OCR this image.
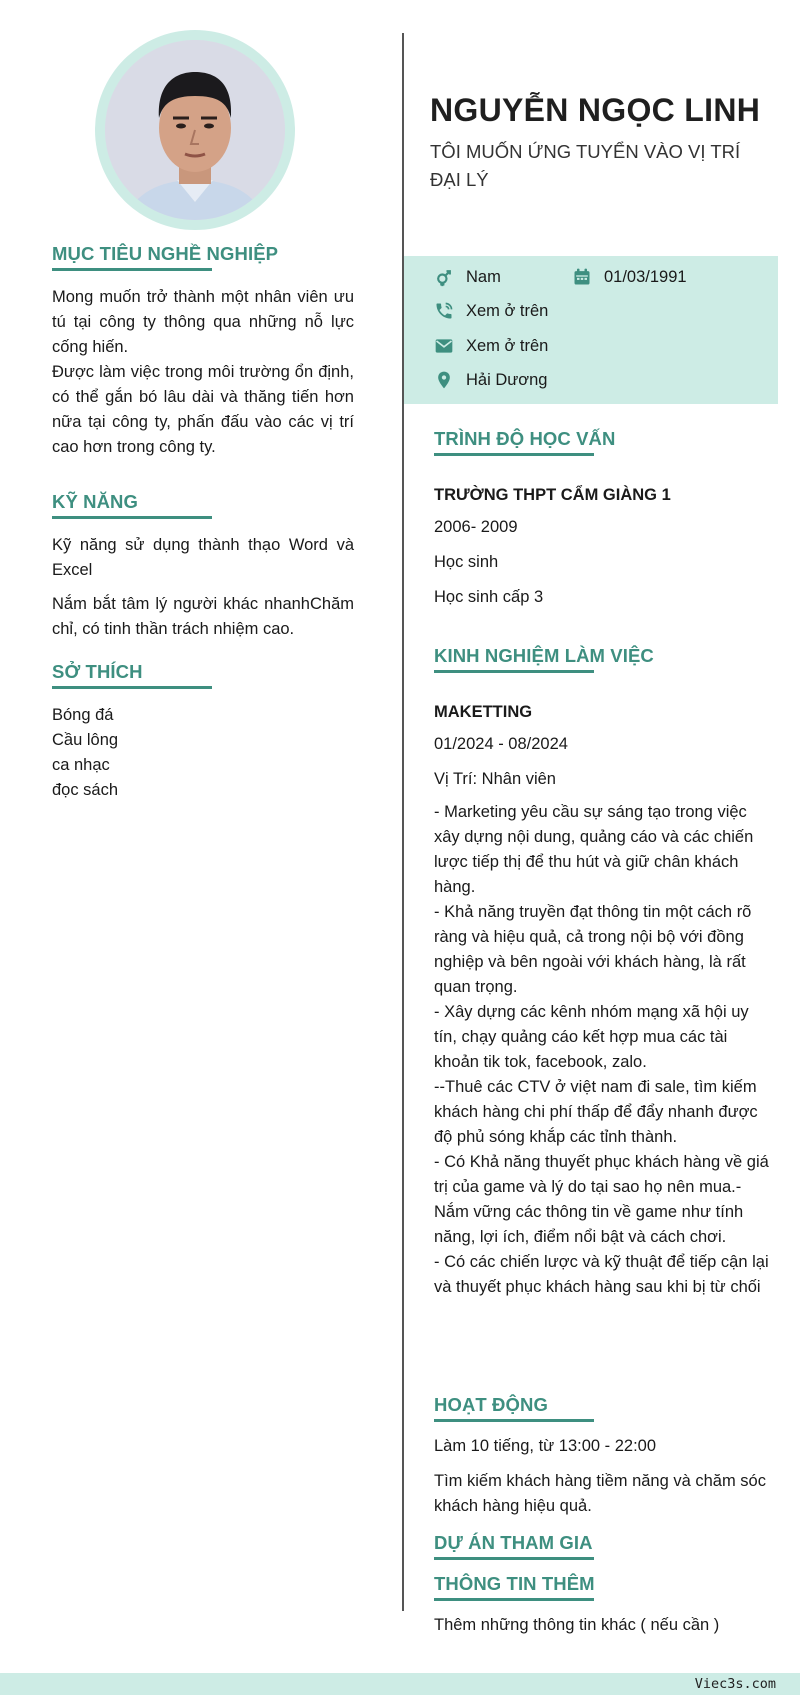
MỤC TIÊU NGHỀ NGHIỆP
Mong muốn trở thành một nhân viên ưu tú tại công ty thông qua những nỗ lực cống hiến.
Được làm việc trong môi trường ổn định, có thể gắn bó lâu dài và thăng tiến hơn nữa tại công ty, phấn đấu vào các vị trí cao hơn trong công ty.
KỸ NĂNG
Kỹ năng sử dụng thành thạo Word và Excel
Nắm bắt tâm lý người khác nhanhChăm chỉ, có tinh thần trách nhiệm cao.
SỞ THÍCH
Bóng đá
Cầu lông
ca nhạc
đọc sách
NGUYỄN NGỌC LINH
TÔI MUỐN ỨNG TUYỂN VÀO VỊ TRÍ ĐẠI LÝ
Nam	01/03/1991
Xem ở trên
Xem ở trên
Hải Dương
TRÌNH ĐỘ HỌC VẤN
TRƯỜNG THPT CẨM GIÀNG 1
2006- 2009
Học sinh
Học sinh cấp 3
KINH NGHIỆM LÀM VIỆC
MAKETTING
01/2024 - 08/2024
Vị Trí: Nhân viên
- Marketing yêu cầu sự sáng tạo trong việc xây dựng nội dung, quảng cáo và các chiến lược tiếp thị để thu hút và giữ chân khách hàng.
- Khả năng truyền đạt thông tin một cách rõ ràng và hiệu quả, cả trong nội bộ với đồng nghiệp và bên ngoài với khách hàng, là rất quan trọng.
- Xây dựng các kênh nhóm mạng xã hội uy tín, chạy quảng cáo kết hợp mua các tài khoản tik tok, facebook, zalo.
--Thuê các CTV ở việt nam đi sale, tìm kiếm khách hàng chi phí thấp để đẩy nhanh được độ phủ sóng khắp các tỉnh thành.
- Có Khả năng thuyết phục khách hàng về giá trị của game và lý do tại sao họ nên mua.- Nắm vững các thông tin về game như tính năng, lợi ích, điểm nổi bật và cách chơi.
- Có các chiến lược và kỹ thuật để tiếp cận lại và thuyết phục khách hàng sau khi bị từ chối
HOẠT ĐỘNG
Làm 10 tiếng, từ 13:00 - 22:00
Tìm kiếm khách hàng tiềm năng và chăm sóc khách hàng hiệu quả.
DỰ ÁN THAM GIA
THÔNG TIN THÊM
Thêm những thông tin khác ( nếu cần )
Viec3s.com
